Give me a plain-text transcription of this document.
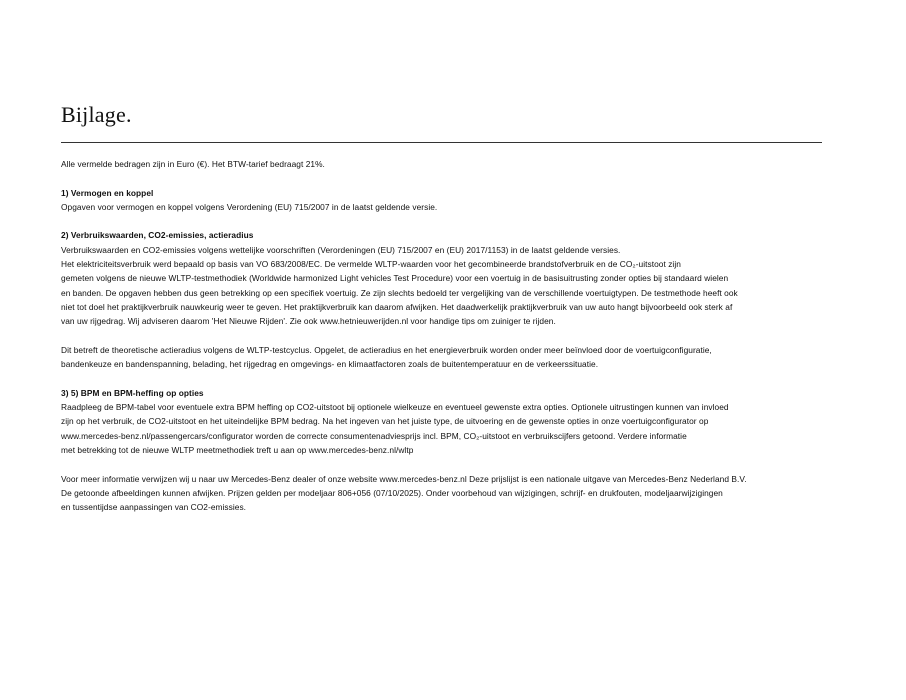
Bijlage.

Alle vermelde bedragen zijn in Euro (€). Het BTW-tarief bedraagt 21%.

1) Vermogen en koppel

Opgaven voor vermogen en koppel volgens Verordening (EU) 715/2007 in de laatst geldende versie.

2) Verbruikswaarden, CO2-emissies, actieradius

Verbruikswaarden en CO2-emissies volgens wettelijke voorschriften (Verordeningen (EU) 715/2007 en (EU) 2017/1153) in de laatst geldende versies.

Het elektriciteitsverbruik werd bepaald op basis van VO 683/2008/EC. De vermelde WLTP-waarden voor het gecombineerde brandstofverbruik en de CO₂-uitstoot zijn

gemeten volgens de nieuwe WLTP-testmethodiek (Worldwide harmonized Light vehicles Test Procedure) voor een voertuig in de basisuitrusting zonder opties bij standaard wielen

en banden. De opgaven hebben dus geen betrekking op een specifiek voertuig. Ze zijn slechts bedoeld ter vergelijking van de verschillende voertuigtypen. De testmethode heeft ook

niet tot doel het praktijkverbruik nauwkeurig weer te geven. Het praktijkverbruik kan daarom afwijken. Het daadwerkelijk praktijkverbruik van uw auto hangt bijvoorbeeld ook sterk af

van uw rijgedrag. Wij adviseren daarom 'Het Nieuwe Rijden'. Zie ook www.hetnieuwerijden.nl voor handige tips om zuiniger te rijden.

Dit betreft de theoretische actieradius volgens de WLTP-testcyclus. Opgelet, de actieradius en het energieverbruik worden onder meer beïnvloed door de voertuigconfiguratie,

bandenkeuze en bandenspanning, belading, het rijgedrag en omgevings- en klimaatfactoren zoals de buitentemperatuur en de verkeerssituatie.

3) 5) BPM en BPM-heffing op opties

Raadpleeg de BPM-tabel voor eventuele extra BPM heffing op CO2-uitstoot bij optionele wielkeuze en eventueel gewenste extra opties. Optionele uitrustingen kunnen van invloed

zijn op het verbruik, de CO2-uitstoot en het uiteindelijke BPM bedrag. Na het ingeven van het juiste type, de uitvoering en de gewenste opties in onze voertuigconfigurator op

www.mercedes-benz.nl/passengercars/configurator worden de correcte consumentenadviesprijs incl. BPM, CO₂-uitstoot en verbruikscijfers getoond. Verdere informatie

met betrekking tot de nieuwe WLTP meetmethodiek treft u aan op www.mercedes-benz.nl/wltp

Voor meer informatie verwijzen wij u naar uw Mercedes-Benz dealer of onze website www.mercedes-benz.nl Deze prijslijst is een nationale uitgave van Mercedes-Benz Nederland B.V.

De getoonde afbeeldingen kunnen afwijken. Prijzen gelden per modeljaar 806+056 (07/10/2025). Onder voorbehoud van wijzigingen, schrijf- en drukfouten, modeljaarwijzigingen

en tussentijdse aanpassingen van CO2-emissies.
